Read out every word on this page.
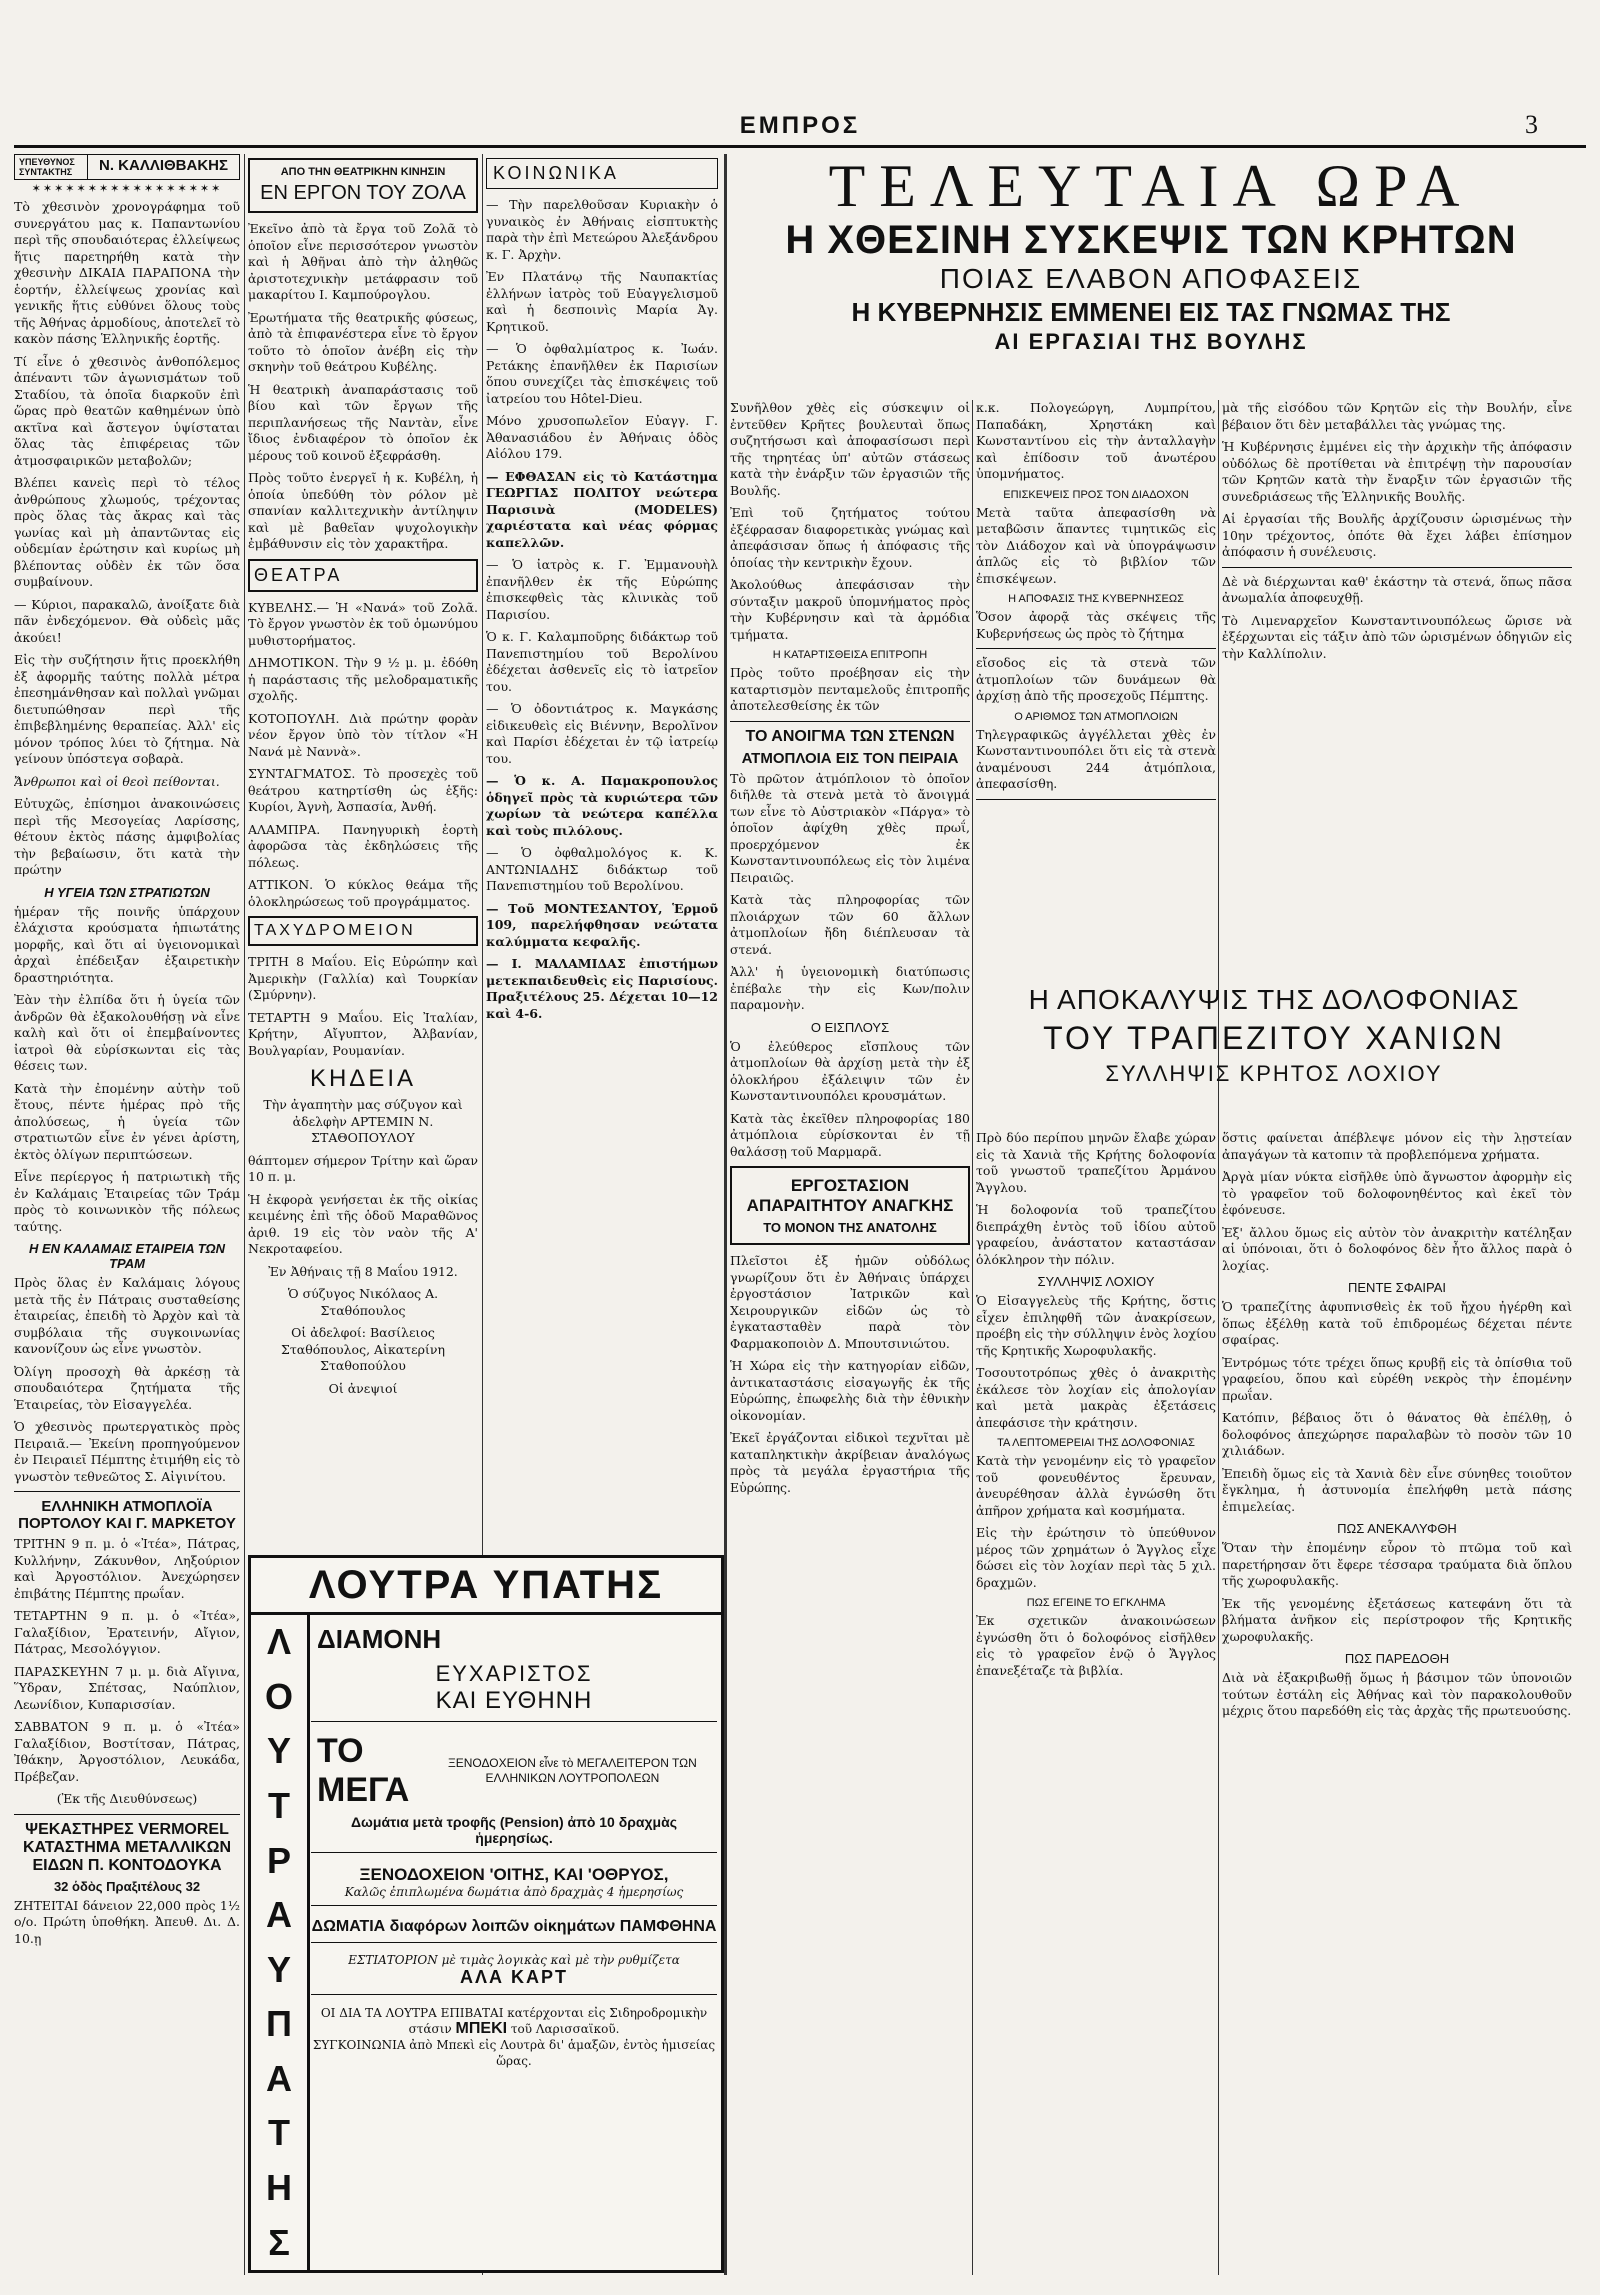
ΕΜΠΡΟΣ	3
ΥΠΕΥΘΥΝΟΣ ΣΥΝΤΑΚΤΗΣ	Ν. ΚΑΛΛΙΘΒΑΚΗΣ
✶✶✶✶✶✶✶✶✶✶✶✶✶✶✶✶✶

Τὸ χθεσινὸν χρονογράφημα τοῦ συνεργάτου μας κ. Παπαντωνίου περὶ τῆς σπουδαιότερας ἐλλείψεως ἥτις παρετηρήθη κατὰ τὴν χθεσινὴν ΔΙΚΑΙΑ ΠΑΡΑΠΟΝΑ τὴν ἑορτήν, ἐλλείψεως χρονίας καὶ γενικῆς ἥτις εὐθύνει ὅλους τοὺς τῆς Ἀθήνας ἀρμοδίους, ἀποτελεῖ τὸ κακὸν πάσης Ἑλληνικῆς ἑορτῆς.

Τί εἶνε ὁ χθεσινὸς ἀνθοπόλεμος ἀπέναντι τῶν ἀγωνισμάτων τοῦ Σταδίου, τὰ ὁποῖα διαρκοῦν ἐπὶ ὥρας πρὸ θεατῶν καθημένων ὑπὸ ακτῖνα καὶ ἄστεγον ὑψίσταται ὅλας τὰς ἐπιφέρειας τῶν ἀτμοσφαιρικῶν μεταβολῶν;

Βλέπει κανεὶς περὶ τὸ τέλος ἀνθρώπους χλωμούς, τρέχοντας πρὸς ὅλας τὰς ἄκρας καὶ τὰς γωνίας καὶ μὴ ἀπαντῶντας εἰς οὐδεμίαν ἐρώτησιν καὶ κυρίως μὴ βλέποντας οὐδὲν ἐκ τῶν ὅσα συμβαίνουν.

— Κύριοι, παρακαλῶ, ἀνοίξατε διὰ πᾶν ἐνδεχόμενον. Θὰ οὐδεὶς μᾶς ἀκούει!

Εἰς τὴν συζήτησιν ἥτις προεκλήθη ἐξ ἀφορμῆς ταύτης πολλὰ μέτρα ἐπεσημάνθησαν καὶ πολλαὶ γνῶμαι διετυπώθησαν περὶ τῆς ἐπιβεβλημένης θεραπείας. Ἀλλ' εἰς μόνον τρόπος λύει τὸ ζήτημα. Νὰ γείνουν ὑπόστεγα σοβαρὰ.

Ἄνθρωποι καὶ οἱ θεοὶ πείθονται.

Εὐτυχῶς, ἐπίσημοι ἀνακοινώσεις περὶ τῆς Μεσογείας Λαρίσσης, θέτουν ἐκτὸς πάσης ἀμφιβολίας τὴν βεβαίωσιν, ὅτι κατὰ τὴν πρώτην

Η ΥΓΕΙΑ ΤΩΝ ΣΤΡΑΤΙΩΤΩΝ

ἡμέραν τῆς ποινῆς ὑπάρχουν ἐλάχιστα κρούσματα ἡπιωτάτης μορφῆς, καὶ ὅτι αἱ ὑγειονομικαὶ ἀρχαὶ ἐπέδειξαν ἐξαιρετικὴν δραστηριότητα.

Ἐὰν τὴν ἐλπίδα ὅτι ἡ ὑγεία τῶν ἀνδρῶν θὰ ἐξακολουθήσῃ νὰ εἶνε καλὴ καὶ ὅτι οἱ ἐπεμβαίνοντες ἰατροὶ θὰ εὑρίσκωνται εἰς τὰς θέσεις των.

Κατὰ τὴν ἐπομένην αὐτὴν τοῦ ἔτους, πέντε ἡμέρας πρὸ τῆς ἀπολύσεως, ἡ ὑγεία τῶν στρατιωτῶν εἶνε ἐν γένει ἀρίστη, ἐκτὸς ὀλίγων περιπτώσεων.

Εἶνε περίεργος ἡ πατριωτικὴ τῆς ἐν Καλάμαις Ἑταιρείας τῶν Τράμ πρὸς τὸ κοινωνικὸν τῆς πόλεως ταύτης.

Η ΕΝ ΚΑΛΑΜΑΙΣ ΕΤΑΙΡΕΙΑ ΤΩΝ ΤΡΑΜ

Πρὸς ὅλας ἐν Καλάμαις λόγους μετὰ τῆς ἐν Πάτραις συσταθείσης ἑταιρείας, ἐπειδὴ τὸ Ἀρχὸν καὶ τὰ συμβόλαια τῆς συγκοινωνίας κανονίζουν ὡς εἶνε γνωστὸν.

Ὀλίγη προσοχὴ θὰ ἀρκέσῃ τὰ σπουδαιότερα ζητήματα τῆς Ἑταιρείας, τὸν Εἰσαγγελέα.

Ὁ χθεσινὸς πρωτεργατικὸς πρὸς Πειραιᾶ.— Ἐκείνη προπηγούμενον ἐν Πειραιεῖ Πέμπτης ἐτιμήθη εἰς τὸ γνωστὸν τεθνεῶτος Σ. Αἰγινίτου.

ΕΛΛΗΝΙΚΗ ΑΤΜΟΠΛΟΪΑ ΠΟΡΤΟΛΟΥ ΚΑΙ Γ. ΜΑΡΚΕΤΟΥ

ΤΡΙΤΗΝ 9 π. μ. ὁ «Ἰτέα», Πάτρας, Κυλλήνην, Ζάκυνθον, Ληξούριον καὶ Ἀργοστόλιον. Ἀνεχώρησεν ἐπιβάτης Πέμπτης πρωΐαν.

ΤΕΤΑΡΤΗΝ 9 π. μ. ὁ «Ἰτέα», Γαλαξίδιον, Ἐρατεινήν, Αἴγιον, Πάτρας, Μεσολόγγιον.

ΠΑΡΑΣΚΕΥΗΝ 7 μ. μ. διὰ Αἴγινα, Ὕδραν, Σπέτσας, Ναύπλιον, Λεωνίδιον, Κυπαρισσίαν.

ΣΑΒΒΑΤΟΝ 9 π. μ. ὁ «Ἰτέα» Γαλαξίδιον, Βοστίτσαν, Πάτρας, Ἰθάκην, Ἀργοστόλιον, Λευκάδα, Πρέβεζαν.

(Ἐκ τῆς Διευθύνσεως)

ΨΕΚΑΣΤΗΡΕΣ VERMOREL ΚΑΤΑΣΤΗΜΑ ΜΕΤΑΛΛΙΚΩΝ ΕΙΔΩΝ Π. ΚΟΝΤΟΔΟΥΚΑ
32 ὁδὸς Πραξιτέλους 32

ΖΗΤΕΙΤΑΙ δάνειον 22,000 πρὸς 1½ ο/ο. Πρώτη ὑποθήκη. Ἀπευθ. Δι. Δ. 10.ῃ

ΑΠΟ ΤΗΝ ΘΕΑΤΡΙΚΗΝ ΚΙΝΗΣΙΝ
ΕΝ ΕΡΓΟΝ ΤΟΥ ΖΟΛΑ

Ἐκεῖνο ἀπὸ τὰ ἔργα τοῦ Ζολᾶ τὸ ὁποῖον εἶνε περισσότερον γνωστὸν καὶ ἡ Ἀθῆναι ἀπὸ τὴν ἀληθῶς ἀριστοτεχνικὴν μετάφρασιν τοῦ μακαρίτου Ι. Καμπούρογλου.

Ἐρωτήματα τῆς θεατρικῆς φύσεως, ἀπὸ τὰ ἐπιφανέστερα εἶνε τὸ ἔργον τοῦτο τὸ ὁποῖον ἀνέβη εἰς τὴν σκηνὴν τοῦ θεάτρου Κυβέλης.

Ἡ θεατρικὴ ἀναπαράστασις τοῦ βίου καὶ τῶν ἔργων τῆς περιπλανήσεως τῆς Ναντὰν, εἶνε ἴδιος ἐνδιαφέρον τὸ ὁποῖον ἐκ μέρους τοῦ κοινοῦ ἐξεφράσθη.

Πρὸς τοῦτο ἐνεργεῖ ἡ κ. Κυβέλη, ἡ ὁποία ὑπεδύθη τὸν ρόλον μὲ σπανίαν καλλιτεχνικὴν ἀντίληψιν καὶ μὲ βαθεῖαν ψυχολογικὴν ἐμβάθυνσιν εἰς τὸν χαρακτῆρα.

ΘΕΑΤΡΑ

ΚΥΒΕΛΗΣ.— Ἡ «Νανά» τοῦ Ζολᾶ. Τὸ ἔργον γνωστὸν ἐκ τοῦ ὁμωνύμου μυθιστορήματος.

ΔΗΜΟΤΙΚΟΝ. Τὴν 9 ½ μ. μ. ἐδόθη ἡ παράστασις τῆς μελοδραματικῆς σχολῆς.

ΚΟΤΟΠΟΥΛΗ. Διὰ πρώτην φορὰν νέον ἔργον ὑπὸ τὸν τίτλον «Ἡ Νανά μὲ Ναννὰ».

ΣΥΝΤΑΓΜΑΤΟΣ. Τὸ προσεχὲς τοῦ θεάτρου κατηρτίσθη ὡς ἑξῆς: Κυρίοι, Ἀγνὴ, Ἀσπασία, Ἀνθή.

ΑΛΑΜΠΡΑ. Πανηγυρικὴ ἑορτὴ ἀφορῶσα τὰς ἐκδηλώσεις τῆς πόλεως.

ΑΤΤΙΚΟΝ. Ὁ κύκλος θεάμα τῆς ὁλοκληρώσεως τοῦ προγράμματος.

ΤΑΧΥΔΡΟΜΕΙΟΝ

ΤΡΙΤΗ 8 Μαΐου. Εἰς Εὐρώπην καὶ Ἀμερικὴν (Γαλλία) καὶ Τουρκίαν (Σμύρνην).

ΤΕΤΑΡΤΗ 9 Μαΐου. Εἰς Ἰταλίαν, Κρήτην, Αἴγυπτον, Ἀλβανίαν, Βουλγαρίαν, Ρουμανίαν.

ΚΗΔΕΙΑ

Τὴν ἀγαπητὴν μας σύζυγον καὶ ἀδελφὴν ΑΡΤΕΜΙΝ Ν. ΣΤΑΘΟΠΟΥΛΟΥ

θάπτομεν σήμερον Τρίτην καὶ ὥραν 10 π. μ.

Ἡ ἐκφορὰ γενήσεται ἐκ τῆς οἰκίας κειμένης ἐπὶ τῆς ὁδοῦ Μαραθῶνος ἀριθ. 19 εἰς τὸν ναὸν τῆς Α' Νεκροταφείου.

Ἐν Ἀθήναις τῇ 8 Μαΐου 1912.

Ὁ σύζυγος Νικόλαος Α. Σταθόπουλος

Οἱ ἀδελφοί: Βασίλειος Σταθόπουλος, Αἰκατερίνη Σταθοπούλου

Οἱ ἀνεψιοί

ΚΟΙΝΩΝΙΚΑ

— Τὴν παρελθοῦσαν Κυριακὴν ὁ γυναικὸς ἐν Ἀθήναις εἰσπτυκτὴς παρὰ τὴν ἐπὶ Μετεώρου Ἀλεξάνδρου κ. Γ. Ἀρχὴν.

Ἐν Πλατάνῳ τῆς Ναυπακτίας ἐλλήνων ἰατρὸς τοῦ Εὐαγγελισμοῦ καὶ ἡ δεσποινὶς Μαρία Ἀγ. Κρητικοῦ.

— Ὁ ὀφθαλμίατρος κ. Ἰωάν. Ρετάκης ἐπανῆλθεν ἐκ Παρισίων ὅπου συνεχίζει τὰς ἐπισκέψεις τοῦ ἰατρείου του Hôtel-Dieu.

Μόνο χρυσοπωλεῖον Εὐαγγ. Γ. Ἀθανασιάδου ἐν Ἀθήναις ὁδὸς Αἰόλου 179.

— ΕΦΘΑΣΑΝ εἰς τὸ Κατάστημα ΓΕΩΡΓΙΑΣ ΠΟΛΙΤΟΥ νεώτερα Παρισινὰ (MODELES) χαριέστατα καὶ νέας φόρμας καπελλῶν.

— Ὁ ἰατρὸς κ. Γ. Ἐμμανουὴλ ἐπανῆλθεν ἐκ τῆς Εὐρώπης ἐπισκεφθεὶς τὰς κλινικὰς τοῦ Παρισίου.

Ὁ κ. Γ. Καλαμποῦρης διδάκτωρ τοῦ Πανεπιστημίου τοῦ Βερολίνου ἐδέχεται ἀσθενεῖς εἰς τὸ ἰατρεῖον του.

— Ὁ ὀδοντιάτρος κ. Μαγκάσης εἰδικευθεὶς εἰς Βιέννην, Βερολῖνον καὶ Παρίσι ἐδέχεται ἐν τῷ ἰατρείῳ του.

— Ὁ κ. Α. Παμακροπουλος ὁδηγεῖ πρὸς τὰ κυριώτερα τῶν χωρίων τὰ νεώτερα καπέλλα καὶ τοὺς πιλόλους.

— Ὁ ὀφθαλμολόγος κ. Κ. ΑΝΤΩΝΙΑΔΗΣ διδάκτωρ τοῦ Πανεπιστημίου τοῦ Βερολίνου.

— Τοῦ ΜΟΝΤΕΣΑΝΤΟΥ, Ἑρμοῦ 109, παρελήφθησαν νεώτατα καλύμματα κεφαλῆς.

— Ι. ΜΑΛΑΜΙΔΑΣ ἐπιστήμων μετεκπαιδευθεὶς εἰς Παρισίους. Πραξιτέλους 25. Δέχεται 10—12 καὶ 4-6.

ΤΕΛΕΥΤΑΙΑ ΩΡΑ
Η ΧΘΕΣΙΝΗ ΣΥΣΚΕΨΙΣ ΤΩΝ ΚΡΗΤΩΝ
ΠΟΙΑΣ ΕΛΑΒΟΝ ΑΠΟΦΑΣΕΙΣ
Η ΚΥΒΕΡΝΗΣΙΣ ΕΜΜΕΝΕΙ ΕΙΣ ΤΑΣ ΓΝΩΜΑΣ ΤΗΣ
ΑΙ ΕΡΓΑΣΙΑΙ ΤΗΣ ΒΟΥΛΗΣ

Συνῆλθον χθὲς εἰς σύσκεψιν οἱ ἐντεῦθεν Κρῆτες βουλευταὶ ὅπως συζητήσωσι καὶ ἀποφασίσωσι περὶ τῆς τηρητέας ὑπ' αὐτῶν στάσεως κατὰ τὴν ἐνάρξιν τῶν ἐργασιῶν τῆς Βουλῆς.

Ἐπὶ τοῦ ζητήματος τούτου ἐξέφρασαν διαφορετικὰς γνώμας καὶ ἀπεφάσισαν ὅπως ἡ ἀπόφασις τῆς ὁποίας τὴν κεντρικὴν ἔχουν.

Ἀκολούθως ἀπεφάσισαν τὴν σύνταξιν μακροῦ ὑπομνήματος πρὸς τὴν Κυβέρνησιν καὶ τὰ ἀρμόδια τμήματα.

Η ΚΑΤΑΡΤΙΣΘΕΙΣΑ ΕΠΙΤΡΟΠΗ

Πρὸς τοῦτο προέβησαν εἰς τὴν καταρτισμὸν πενταμελοῦς ἐπιτροπῆς ἀποτελεσθείσης ἐκ τῶν

ΤΟ ΑΝΟΙΓΜΑ ΤΩΝ ΣΤΕΝΩΝ
ΑΤΜΟΠΛΟΙΑ ΕΙΣ ΤΟΝ ΠΕΙΡΑΙΑ

Τὸ πρῶτον ἀτμόπλοιον τὸ ὁποῖον διῆλθε τὰ στενὰ μετὰ τὸ ἄνοιγμά των εἶνε τὸ Αὐστριακὸν «Πάργα» τὸ ὁποῖον ἀφίχθη χθὲς πρωΐ, προερχόμενον ἐκ Κωνσταντινουπόλεως εἰς τὸν λιμένα Πειραιῶς.

Κατὰ τὰς πληροφορίας τῶν πλοιάρχων τῶν 60 ἄλλων ἀτμοπλοίων ἤδη διέπλευσαν τὰ στενά.

Ἀλλ' ἡ ὑγειονομικὴ διατύπωσις ἐπέβαλε τὴν εἰς Κων/πολιν παραμονὴν.

Ο ΕΙΣΠΛΟΥΣ

Ὁ ἐλεύθερος εἴσπλους τῶν ἀτμοπλοίων θὰ ἀρχίσῃ μετὰ τὴν ἐξ ὁλοκλήρου ἐξάλειψιν τῶν ἐν Κωνσταντινουπόλει κρουσμάτων.

Κατὰ τὰς ἐκεῖθεν πληροφορίας 180 ἀτμόπλοια εὑρίσκονται ἐν τῇ θαλάσσῃ τοῦ Μαρμαρᾶ.

ΕΡΓΟΣΤΑΣΙΟΝ ΑΠΑΡΑΙΤΗΤΟΥ ΑΝΑΓΚΗΣ
ΤΟ ΜΟΝΟΝ ΤΗΣ ΑΝΑΤΟΛΗΣ

Πλεῖστοι ἐξ ἡμῶν οὐδόλως γνωρίζουν ὅτι ἐν Ἀθήναις ὑπάρχει ἐργοστάσιον Ἰατρικῶν καὶ Χειρουργικῶν εἰδῶν ὡς τὸ ἐγκατασταθὲν παρὰ τὸν Φαρμακοποιὸν Δ. Μπουτσινιώτου.

Ἡ Χώρα εἰς τὴν κατηγορίαν εἰδῶν, ἀντικαταστάσις εἰσαγωγῆς ἐκ τῆς Εὐρώπης, ἐπωφελὴς διὰ τὴν ἐθνικὴν οἰκονομίαν.

Ἐκεῖ ἐργάζονται εἰδικοὶ τεχνῖται μὲ καταπληκτικὴν ἀκρίβειαν ἀναλόγως πρὸς τὰ μεγάλα ἐργαστήρια τῆς Εὐρώπης.

κ.κ. Πολογεώργη, Λυμπρίτου, Παπαδάκη, Χρηστάκη καὶ Κωνσταντίνου εἰς τὴν ἀνταλλαγὴν καὶ ἐπίδοσιν τοῦ ἀνωτέρου ὑπομνήματος.

ΕΠΙΣΚΕΨΕΙΣ ΠΡΟΣ ΤΟΝ ΔΙΑΔΟΧΟΝ

Μετὰ ταῦτα ἀπεφασίσθη νὰ μεταβῶσιν ἅπαντες τιμητικῶς εἰς τὸν Διάδοχον καὶ νὰ ὑπογράψωσιν ἁπλῶς εἰς τὸ βιβλίον τῶν ἐπισκέψεων.

Η ΑΠΟΦΑΣΙΣ ΤΗΣ ΚΥΒΕΡΝΗΣΕΩΣ

Ὅσον ἀφορᾷ τὰς σκέψεις τῆς Κυβερνήσεως ὡς πρὸς τὸ ζήτημα

εἴσοδος εἰς τὰ στενὰ τῶν ἀτμοπλοίων τῶν δυνάμεων θὰ ἀρχίσῃ ἀπὸ τῆς προσεχοῦς Πέμπτης.

Ο ΑΡΙΘΜΟΣ ΤΩΝ ΑΤΜΟΠΛΟΙΩΝ

Τηλεγραφικῶς ἀγγέλλεται χθὲς ἐν Κωνσταντινουπόλει ὅτι εἰς τὰ στενὰ ἀναμένουσι 244 ἀτμόπλοια, ἀπεφασίσθη.

μὰ τῆς εἰσόδου τῶν Κρητῶν εἰς τὴν Βουλήν, εἶνε βέβαιον ὅτι δὲν μεταβάλλει τὰς γνώμας της.

Ἡ Κυβέρνησις ἐμμένει εἰς τὴν ἀρχικὴν τῆς ἀπόφασιν οὐδόλως δὲ προτίθεται νὰ ἐπιτρέψῃ τὴν παρουσίαν τῶν Κρητῶν κατὰ τὴν ἔναρξιν τῶν ἐργασιῶν τῆς συνεδριάσεως τῆς Ἑλληνικῆς Βουλῆς.

Αἱ ἐργασίαι τῆς Βουλῆς ἀρχίζουσιν ὡρισμένως τὴν 10ην τρέχοντος, ὁπότε θὰ ἔχει λάβει ἐπίσημον ἀπόφασιν ἡ συνέλευσις.

Δὲ νὰ διέρχωνται καθ' ἑκάστην τὰ στενά, ὅπως πᾶσα ἀνωμαλία ἀποφευχθῇ.

Τὸ Λιμεναρχεῖον Κωνσταντινουπόλεως ὥρισε νὰ ἐξέρχωνται εἰς τάξιν ἀπὸ τῶν ὡρισμένων ὁδηγιῶν εἰς τὴν Καλλίπολιν.

Η ΑΠΟΚΑΛΥΨΙΣ ΤΗΣ ΔΟΛΟΦΟΝΙΑΣ
ΤΟΥ ΤΡΑΠΕΖΙΤΟΥ ΧΑΝΙΩΝ
ΣΥΛΛΗΨΙΣ ΚΡΗΤΟΣ ΛΟΧΙΟΥ

Πρὸ δύο περίπου μηνῶν ἔλαβε χώραν εἰς τὰ Χανιὰ τῆς Κρήτης δολοφονία τοῦ γνωστοῦ τραπεζίτου Ἀρμάνου Ἄγγλου.

Ἡ δολοφονία τοῦ τραπεζίτου διεπράχθη ἐντὸς τοῦ ἰδίου αὐτοῦ γραφείου, ἀνάστατον καταστάσαν ὁλόκληρον τὴν πόλιν.

ΣΥΛΛΗΨΙΣ ΛΟΧΙΟΥ

Ὁ Εἰσαγγελεὺς τῆς Κρήτης, ὅστις εἶχεν ἐπιληφθῆ τῶν ἀνακρίσεων, προέβη εἰς τὴν σύλληψιν ἑνὸς λοχίου τῆς Κρητικῆς Χωροφυλακῆς.

Τοσουτοτρόπως χθὲς ὁ ἀνακριτὴς ἐκάλεσε τὸν λοχίαν εἰς ἀπολογίαν καὶ μετὰ μακρὰς ἐξετάσεις ἀπεφάσισε τὴν κράτησιν.

ΤΑ ΛΕΠΤΟΜΕΡΕΙΑΙ ΤΗΣ ΔΟΛΟΦΟΝΙΑΣ

Κατὰ τὴν γενομένην εἰς τὸ γραφεῖον τοῦ φονευθέντος ἔρευναν, ἀνευρέθησαν ἀλλὰ ἐγνώσθη ὅτι ἀπῆρον χρήματα καὶ κοσμήματα.

Εἰς τὴν ἐρώτησιν τὸ ὑπεύθυνον μέρος τῶν χρημάτων ὁ Ἄγγλος εἶχε δώσει εἰς τὸν λοχίαν περὶ τὰς 5 χιλ. δραχμῶν.

ΠΩΣ ΕΓΕΙΝΕ ΤΟ ΕΓΚΛΗΜΑ

Ἐκ σχετικῶν ἀνακοινώσεων ἐγνώσθη ὅτι ὁ δολοφόνος εἰσῆλθεν εἰς τὸ γραφεῖον ἐνῷ ὁ Ἄγγλος ἐπανεξέταζε τὰ βιβλία.

ὅστις φαίνεται ἀπέβλεψε μόνον εἰς τὴν λῃστείαν ἀπαγάγων τὰ κατοπιν τὰ προβλεπόμενα χρήματα.

Ἀργὰ μίαν νύκτα εἰσῆλθε ὑπὸ ἄγνωστον ἀφορμὴν εἰς τὸ γραφεῖον τοῦ δολοφονηθέντος καὶ ἐκεῖ τὸν ἐφόνευσε.

Ἐξ' ἄλλου ὅμως εἰς αὐτὸν τὸν ἀνακριτὴν κατέληξαν αἱ ὑπόνοιαι, ὅτι ὁ δολοφόνος δὲν ἦτο ἄλλος παρὰ ὁ λοχίας.

ΠΕΝΤΕ ΣΦΑΙΡΑΙ

Ὁ τραπεζίτης ἀφυπνισθεὶς ἐκ τοῦ ἤχου ἠγέρθη καὶ ὅπως ἐξέλθῃ κατὰ τοῦ ἐπιδρομέως δέχεται πέντε σφαίρας.

Ἐντρόμως τότε τρέχει ὅπως κρυβῇ εἰς τὰ ὀπίσθια τοῦ γραφείου, ὅπου καὶ εὑρέθη νεκρὸς τὴν ἑπομένην πρωΐαν.

Κατόπιν, βέβαιος ὅτι ὁ θάνατος θὰ ἐπέλθῃ, ὁ δολοφόνος ἀπεχώρησε παραλαβὼν τὸ ποσὸν τῶν 10 χιλιάδων.

Ἐπειδὴ ὅμως εἰς τὰ Χανιὰ δὲν εἶνε σύνηθες τοιοῦτον ἔγκλημα, ἡ ἀστυνομία ἐπελήφθη μετὰ πάσης ἐπιμελείας.

ΠΩΣ ΑΝΕΚΑΛΥΦΘΗ

Ὅταν τὴν ἐπομένην εὗρον τὸ πτῶμα τοῦ καὶ παρετήρησαν ὅτι ἔφερε τέσσαρα τραύματα διὰ ὅπλου τῆς χωροφυλακῆς.

Ἐκ τῆς γενομένης ἐξετάσεως κατεφάνη ὅτι τὰ βλήματα ἀνῆκον εἰς περίστροφον τῆς Κρητικῆς χωροφυλακῆς.

ΠΩΣ ΠΑΡΕΔΟΘΗ

Διὰ νὰ ἐξακριβωθῇ ὅμως ἡ βάσιμον τῶν ὑπονοιῶν τούτων ἐστάλη εἰς Ἀθήνας καὶ τὸν παρακολουθοῦν μέχρις ὅτου παρεδόθη εἰς τὰς ἀρχὰς τῆς πρωτευούσης.

ΛΟΥΤΡΑ ΥΠΑΤΗΣ
Λ
Ο
Υ
Τ
Ρ
Α
Υ
Π
Α
Τ
Η
Σ
ΔΙΑΜΟΝΗ
ΕΥΧΑΡΙΣΤΟΣ
ΚΑΙ ΕΥΘΗΝΗ
ΤΟ ΜΕΓΑ
ΞΕΝΟΔΟΧΕΙΟΝ εἶνε τὸ ΜΕΓΑΛΕΙΤΕΡΟΝ ΤΩΝ ΕΛΛΗΝΙΚΩΝ ΛΟΥΤΡΟΠΟΛΕΩΝ
Δωμάτια μετὰ τροφῆς (Pension) ἀπὸ 10 δραχμὰς ἡμερησίως.
ΞΕΝΟΔΟΧΕΙΟΝ 'ΟΙΤΗΣ, ΚΑΙ 'ΟΘΡΥΟΣ,
Καλῶς ἐπιπλωμένα δωμάτια ἀπὸ δραχμὰς 4 ἡμερησίως
ΔΩΜΑΤΙΑ διαφόρων λοιπῶν οἰκημάτων ΠΑΜΦΘΗΝΑ
ΕΣΤΙΑΤΟΡΙΟΝ μὲ τιμὰς λογικὰς καὶ μὲ τὴν ρυθμίζετα
ΑΛΑ ΚΑΡΤ
ΟΙ ΔΙΑ ΤΑ ΛΟΥΤΡΑ ΕΠΙΒΑΤΑΙ κατέρχονται εἰς Σιδηροδρομικὴν στάσιν ΜΠΕΚΙ τοῦ Λαρισσαϊκοῦ.
ΣΥΓΚΟΙΝΩΝΙΑ ἀπὸ Μπεκὶ εἰς Λουτρὰ δι' ἁμαξῶν, ἐντὸς ἡμισείας ὥρας.
